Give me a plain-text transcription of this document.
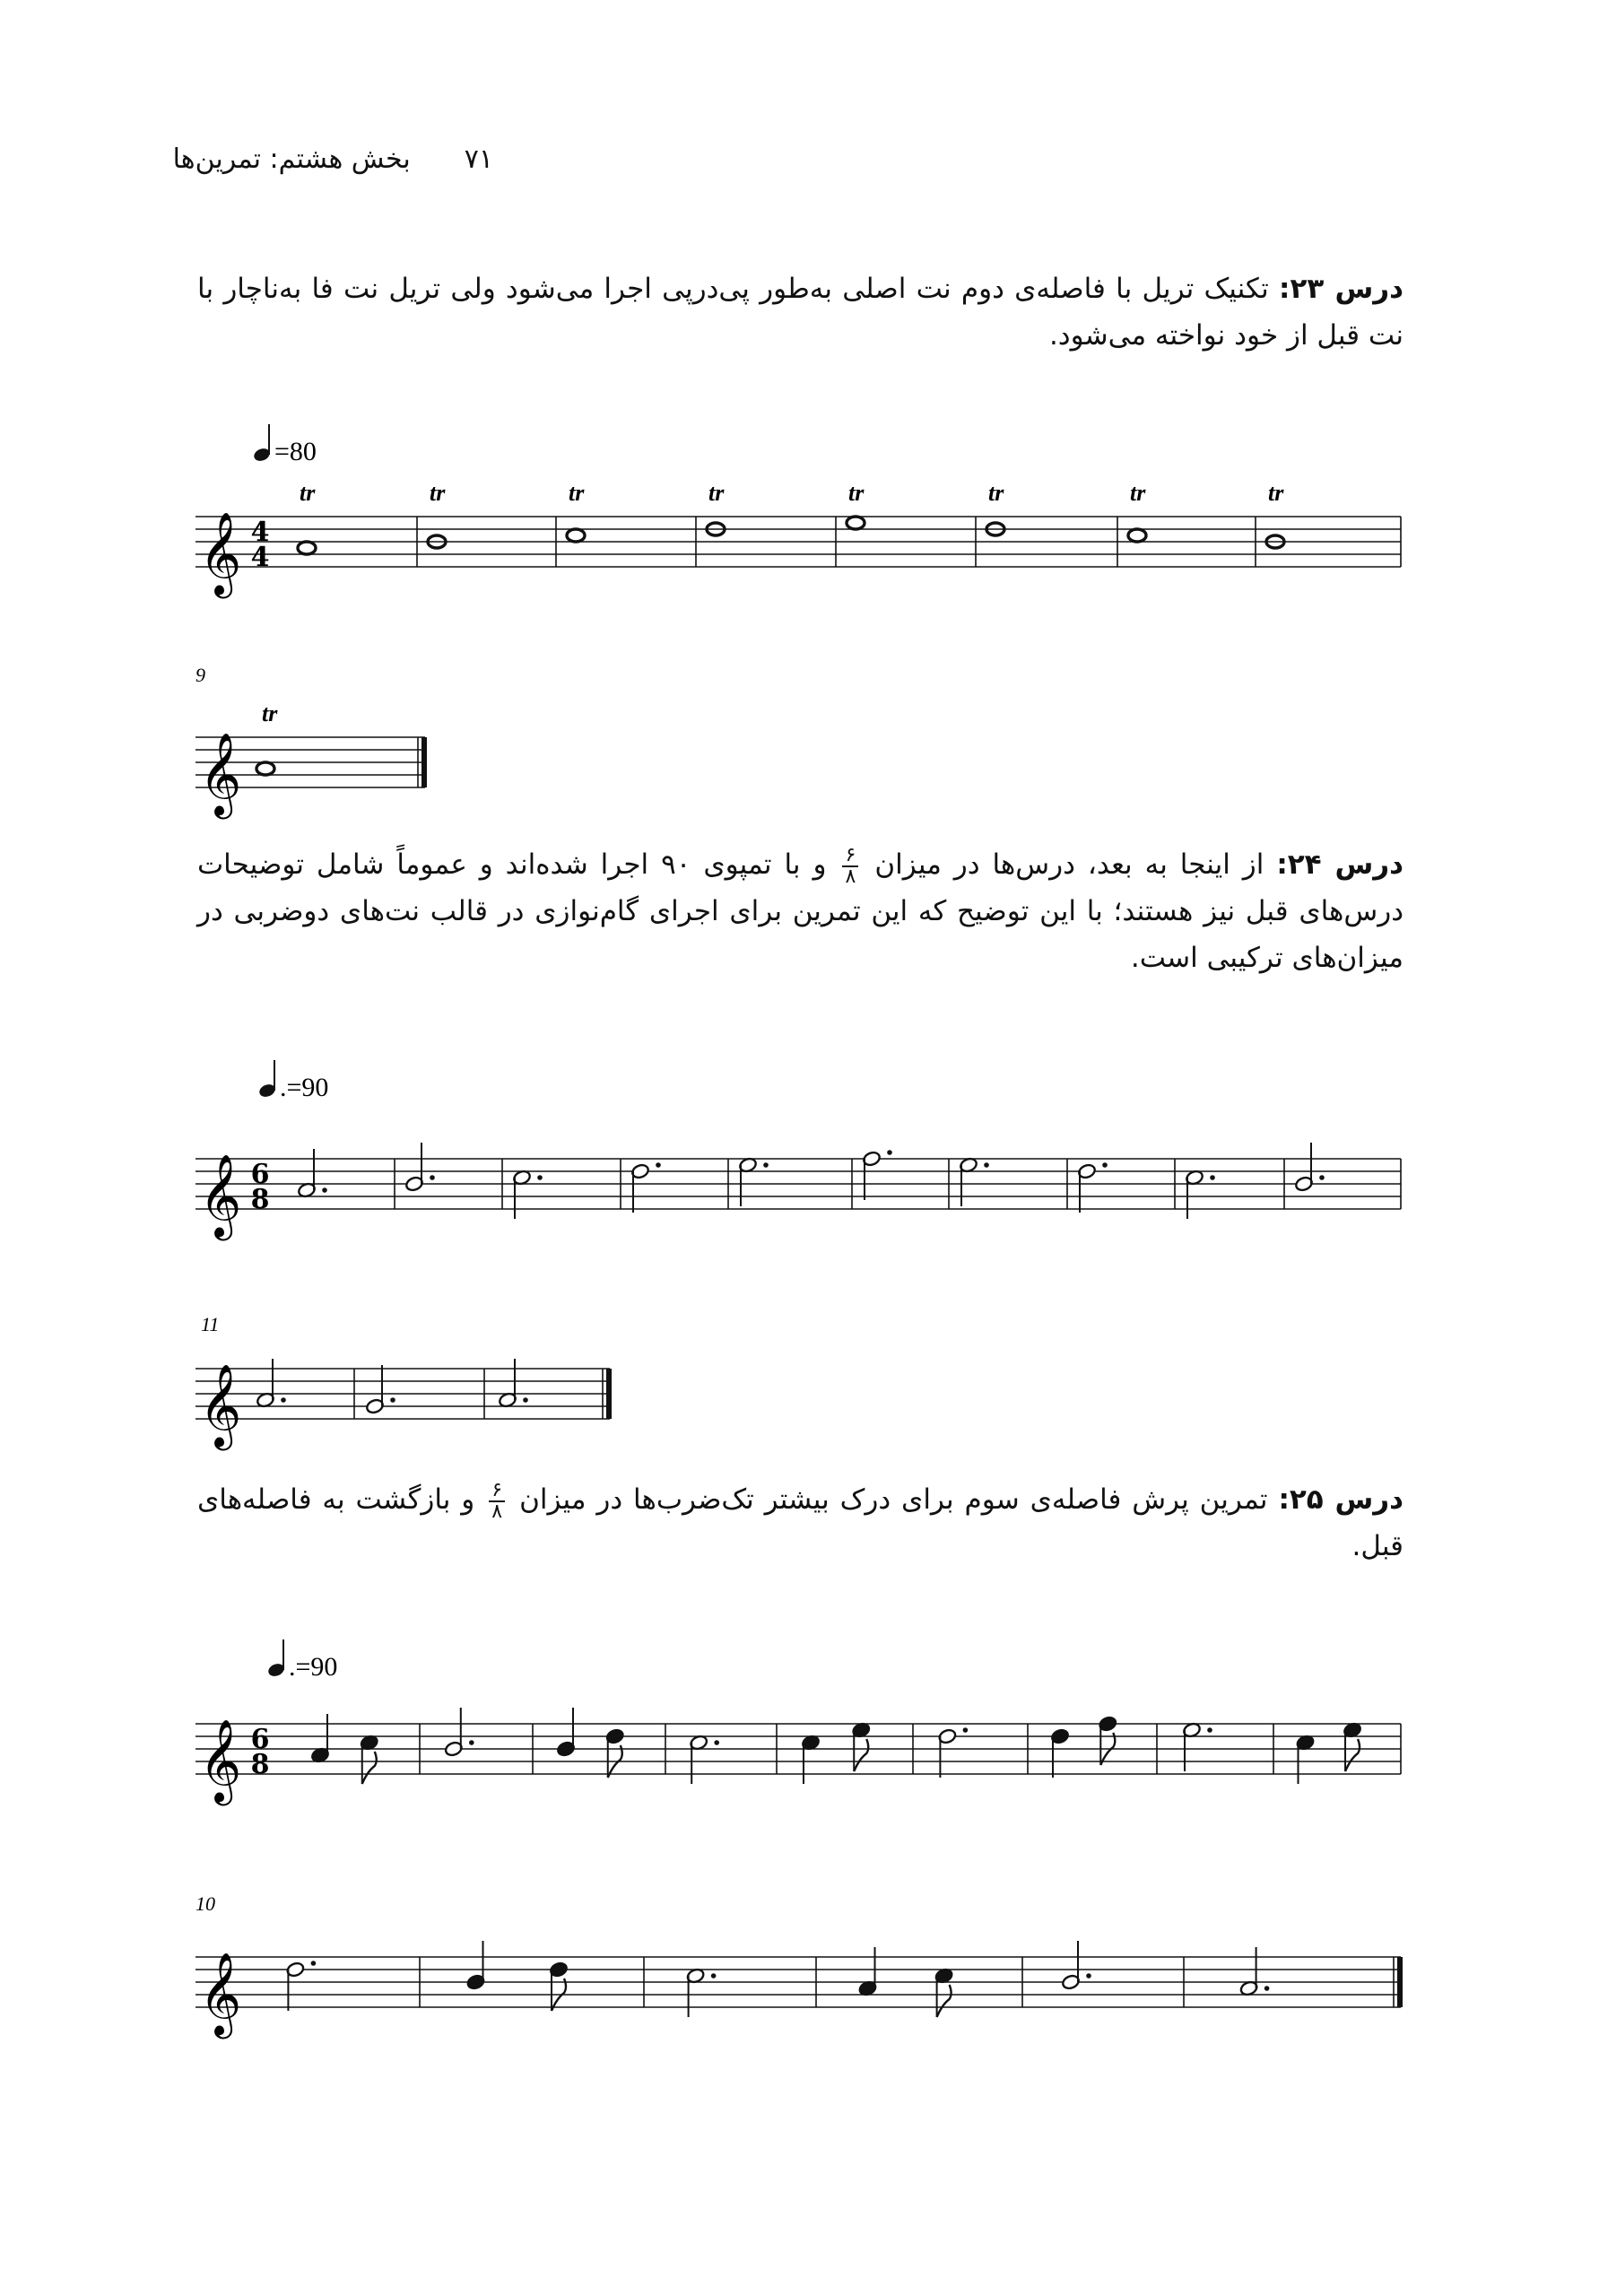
۷۱
بخش هشتم: تمرین‌ها
درس ۲۳: تکنیک تریل با فاصله‌ی دوم نت اصلی به‌طور پی‌درپی اجرا می‌شود ولی تریل نت فا به‌ناچار با نت قبل از خود نواخته می‌شود.
درس ۲۴: از اینجا به بعد، درس‌ها در میزان
$\frac{۶}{۸}$
و با تمپوی ۹۰ اجرا شده‌اند و عموماً شامل توضیحات درس‌های قبل نیز هستند؛ با این توضیح که این تمرین برای اجرای گام‌نوازی در قالب نت‌های دوضربی در میزان‌های ترکیبی است.
درس ۲۵: تمرین پرش فاصله‌ی سوم برای درک بیشتر تک‌ضرب‌ها در میزان
$\frac{۶}{۸}$
و بازگشت به فاصله‌های قبل.
𝄞 4
4
=80
tr	tr	tr	tr	tr	tr	tr	tr
𝄞
9
tr
𝄞 6
8
.=90
𝄞
11
6
8
.=90
𝄞
10
𝄞
